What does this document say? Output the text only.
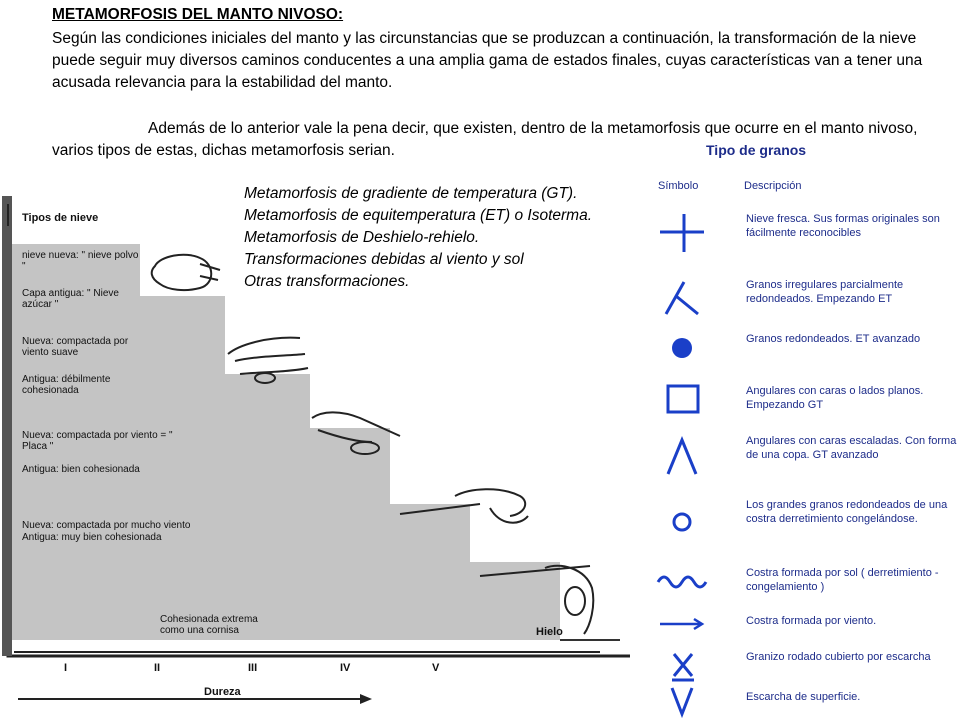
METAMORFOSIS DEL MANTO NIVOSO:
Según las condiciones iniciales del manto y las circunstancias que se produzcan a continuación, la transformación de la nieve puede seguir muy diversos caminos conducentes a una amplia gama de estados finales, cuyas características van a tener una acusada relevancia para la estabilidad del manto.
Además de lo anterior vale la pena decir, que existen, dentro de la metamorfosis que ocurre en el manto nivoso, varios tipos de estas, dichas metamorfosis serian.
Metamorfosis de gradiente de temperatura (GT).
Metamorfosis de equitemperatura (ET) o Isoterma.
Metamorfosis de Deshielo-rehielo.
Transformaciones debidas al viento y sol
Otras transformaciones.
Tipos de nieve
nieve nueva: " nieve polvo "
Capa antigua: " Nieve azúcar "
Nueva: compactada por viento suave
Antigua: débilmente cohesionada
Nueva: compactada por viento = " Placa "
Antigua: bien cohesionada
Nueva: compactada por mucho viento
Antigua: muy bien cohesionada
Cohesionada extrema como una cornisa	Hielo
I	II	III	IV	V
Dureza
Tipo de granos
Símbolo	Descripción
Nieve fresca. Sus formas originales son fácilmente reconocibles
Granos irregulares parcialmente redondeados. Empezando ET
Granos redondeados. ET avanzado
Angulares con caras o lados planos. Empezando GT
Angulares con caras escaladas. Con forma de una copa. GT avanzado
Los grandes granos redondeados de una costra derretimiento congelándose.
Costra formada por sol ( derretimiento - congelamiento )
Costra formada por viento.
Granizo rodado cubierto por escarcha
Escarcha de superficie.
